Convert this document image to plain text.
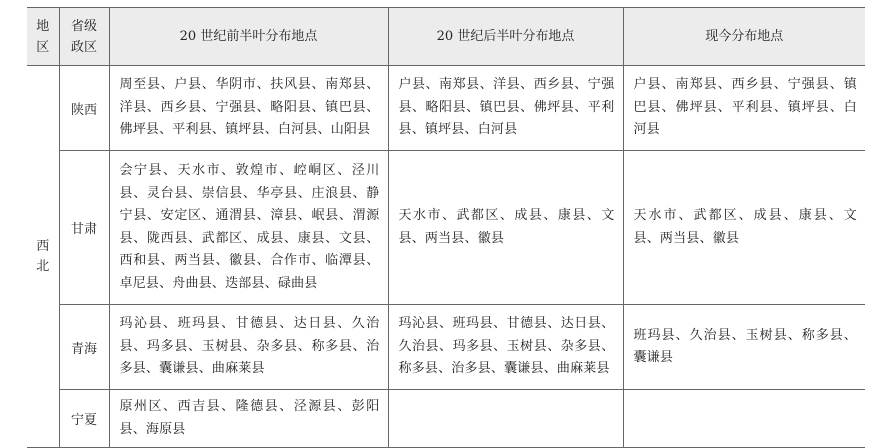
地
区	省级
政区	20 世纪前半叶分布地点	20 世纪后半叶分布地点	现今分布地点

西
北	陕西	周至县、户县、华阴市、扶风县、南郑县、洋县、西乡县、宁强县、略阳县、镇巴县、佛坪县、平利县、镇坪县、白河县、山阳县	户县、南郑县、洋县、西乡县、宁强县、略阳县、镇巴县、佛坪县、平利县、镇坪县、白河县	户县、南郑县、西乡县、宁强县、镇巴县、佛坪县、平利县、镇坪县、白河县
	甘肃	会宁县、天水市、敦煌市、崆峒区、泾川县、灵台县、崇信县、华亭县、庄浪县、静宁县、安定区、通渭县、漳县、岷县、渭源县、陇西县、武都区、成县、康县、文县、西和县、两当县、徽县、合作市、临潭县、卓尼县、舟曲县、迭部县、碌曲县	天水市、武都区、成县、康县、文县、两当县、徽县	天水市、武都区、成县、康县、文县、两当县、徽县
	青海	玛沁县、班玛县、甘德县、达日县、久治县、玛多县、玉树县、杂多县、称多县、治多县、囊谦县、曲麻莱县	玛沁县、班玛县、甘德县、达日县、久治县、玛多县、玉树县、杂多县、称多县、治多县、囊谦县、曲麻莱县	班玛县、久治县、玉树县、称多县、囊谦县
	宁夏	原州区、西吉县、隆德县、泾源县、彭阳县、海原县		
